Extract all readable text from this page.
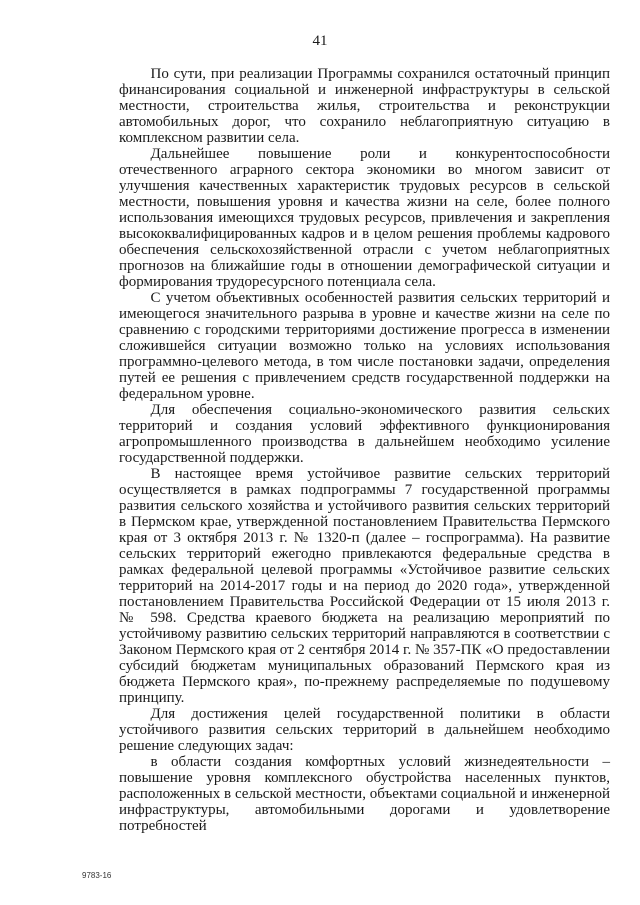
41

По сути, при реализации Программы сохранился остаточный принцип финансирования социальной и инженерной инфраструктуры в сельской местности, строительства жилья, строительства и реконструкции автомобильных дорог, что сохранило неблагоприятную ситуацию в комплексном развитии села.

Дальнейшее повышение роли и конкурентоспособности отечественного аграрного сектора экономики во многом зависит от улучшения качественных характеристик трудовых ресурсов в сельской местности, повышения уровня и качества жизни на селе, более полного использования имеющихся трудовых ресурсов, привлечения и закрепления высококвалифицированных кадров и в целом решения проблемы кадрового обеспечения сельскохозяйственной отрасли с учетом неблагоприятных прогнозов на ближайшие годы в отношении демографической ситуации и формирования трудоресурсного потенциала села.

С учетом объективных особенностей развития сельских территорий и имеющегося значительного разрыва в уровне и качестве жизни на селе по сравнению с городскими территориями достижение прогресса в изменении сложившейся ситуации возможно только на условиях использования программно-целевого метода, в том числе постановки задачи, определения путей ее решения с привлечением средств государственной поддержки на федеральном уровне.

Для обеспечения социально-экономического развития сельских территорий и создания условий эффективного функционирования агропромышленного производства в дальнейшем необходимо усиление государственной поддержки.

В настоящее время устойчивое развитие сельских территорий осуществляется в рамках подпрограммы 7 государственной программы развития сельского хозяйства и устойчивого развития сельских территорий в Пермском крае, утвержденной постановлением Правительства Пермского края от 3 октября 2013 г. № 1320-п (далее – госпрограмма). На развитие сельских территорий ежегодно привлекаются федеральные средства в рамках федеральной целевой программы «Устойчивое развитие сельских территорий на 2014-2017 годы и на период до 2020 года», утвержденной постановлением Правительства Российской Федерации от 15 июля 2013 г. № 598. Средства краевого бюджета на реализацию мероприятий по устойчивому развитию сельских территорий направляются в соответствии с Законом Пермского края от 2 сентября 2014 г. № 357-ПК «О предоставлении субсидий бюджетам муниципальных образований Пермского края из бюджета Пермского края», по-прежнему распределяемые по подушевому принципу.

Для достижения целей государственной политики в области устойчивого развития сельских территорий в дальнейшем необходимо решение следующих задач:

в области создания комфортных условий жизнедеятельности – повышение уровня комплексного обустройства населенных пунктов, расположенных в сельской местности, объектами социальной и инженерной инфраструктуры, автомобильными дорогами и удовлетворение потребностей

9783-16
